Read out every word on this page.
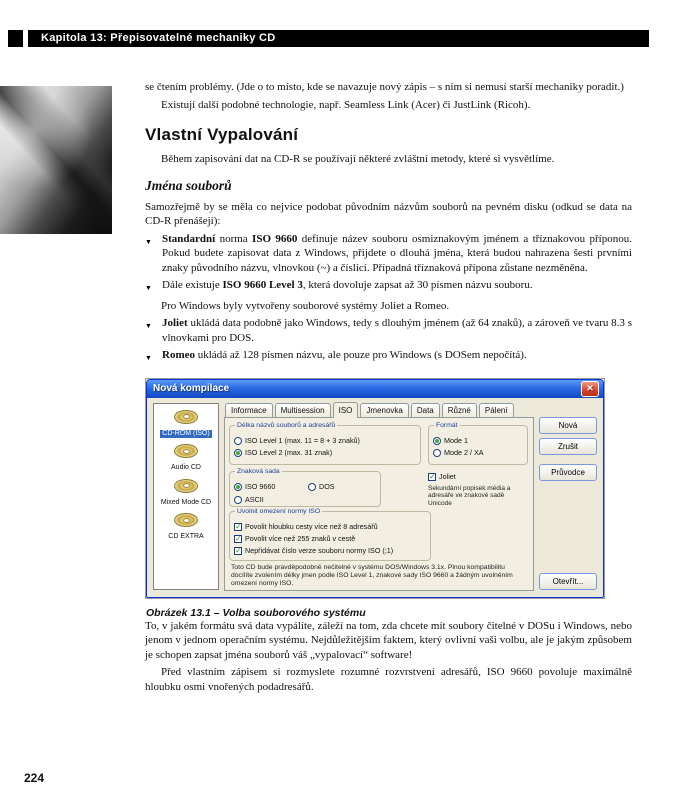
Kapitola 13: Přepisovatelné mechaniky CD

se čtením problémy. (Jde o to místo, kde se navazuje nový zápis – s ním si nemusí starší mechaniky poradit.)

Existují další podobné technologie, např. Seamless Link (Acer) či JustLink (Ricoh).

Vlastní Vypalování

Během zapisování dat na CD-R se používají některé zvláštní metody, které si vysvětlíme.

Jména souborů

Samozřejmě by se měla co nejvíce podobat původním názvům souborů na pevném disku (odkud se data na CD-R přenášejí):

▼ Standardní norma ISO 9660 definuje název souboru osmiznakovým jménem a tříznakovou příponou. Pokud budete zapisovat data z Windows, přijdete o dlouhá jména, která budou nahrazena šesti prvními znaky původního názvu, vlnovkou (~) a číslicí. Případná tříznaková přípona zůstane nezměněna.
▼ Dále existuje ISO 9660 Level 3, která dovoluje zapsat až 30 písmen názvu souboru.

Pro Windows byly vytvořeny souborové systémy Joliet a Romeo.

▼ Joliet ukládá data podobně jako Windows, tedy s dlouhým jménem (až 64 znaků), a zároveň ve tvaru 8.3 s vlnovkami pro DOS.
▼ Romeo ukládá až 128 písmen názvu, ale pouze pro Windows (s DOSem nepočítá).
Nová kompilace	✕
CD-ROM (ISO)
Audio CD
Mixed Mode CD
CD EXTRA
Informace	Multisession	ISO	Jmenovka	Data	Různé	Pálení
Délka názvů souborů a adresářů
ISO Level 1 (max. 11 = 8 + 3 znaků)
ISO Level 2 (max. 31 znak)
Formát
Mode 1
Mode 2 / XA
Znaková sada
ISO 9660	DOS
ASCII
✓
Joliet
Sekundární popisek média a adresáře ve znakové sadě Unicode
Uvolnit omezení normy ISO
✓
Povolit hloubku cesty více než 8 adresářů
✓
Povolit více než 255 znaků v cestě
✓
Nepřidávat číslo verze souboru normy ISO (;1)
Toto CD bude pravděpodobně nečitelné v systému DOS/Windows 3.1x. Plnou kompatibilitu docílíte zvolením délky jmen podle ISO Level 1, znakové sady ISO 9660 a žádným uvolněním omezení normy ISO.
Nová
Zrušit
Průvodce
Otevřít...
Obrázek 13.1 – Volba souborového systému

To, v jakém formátu svá data vypálíte, záleží na tom, zda chcete mít soubory čitelné v DOSu i Windows, nebo jenom v jednom operačním systému. Nejdůležitějším faktem, který ovlivní vaši volbu, ale je jakým způsobem je schopen zapsat jména souborů váš „vypalovací“ software!

Před vlastním zápisem si rozmyslete rozumné rozvrstvení adresářů, ISO 9660 povoluje maximálně hloubku osmi vnořených podadresářů.

224
